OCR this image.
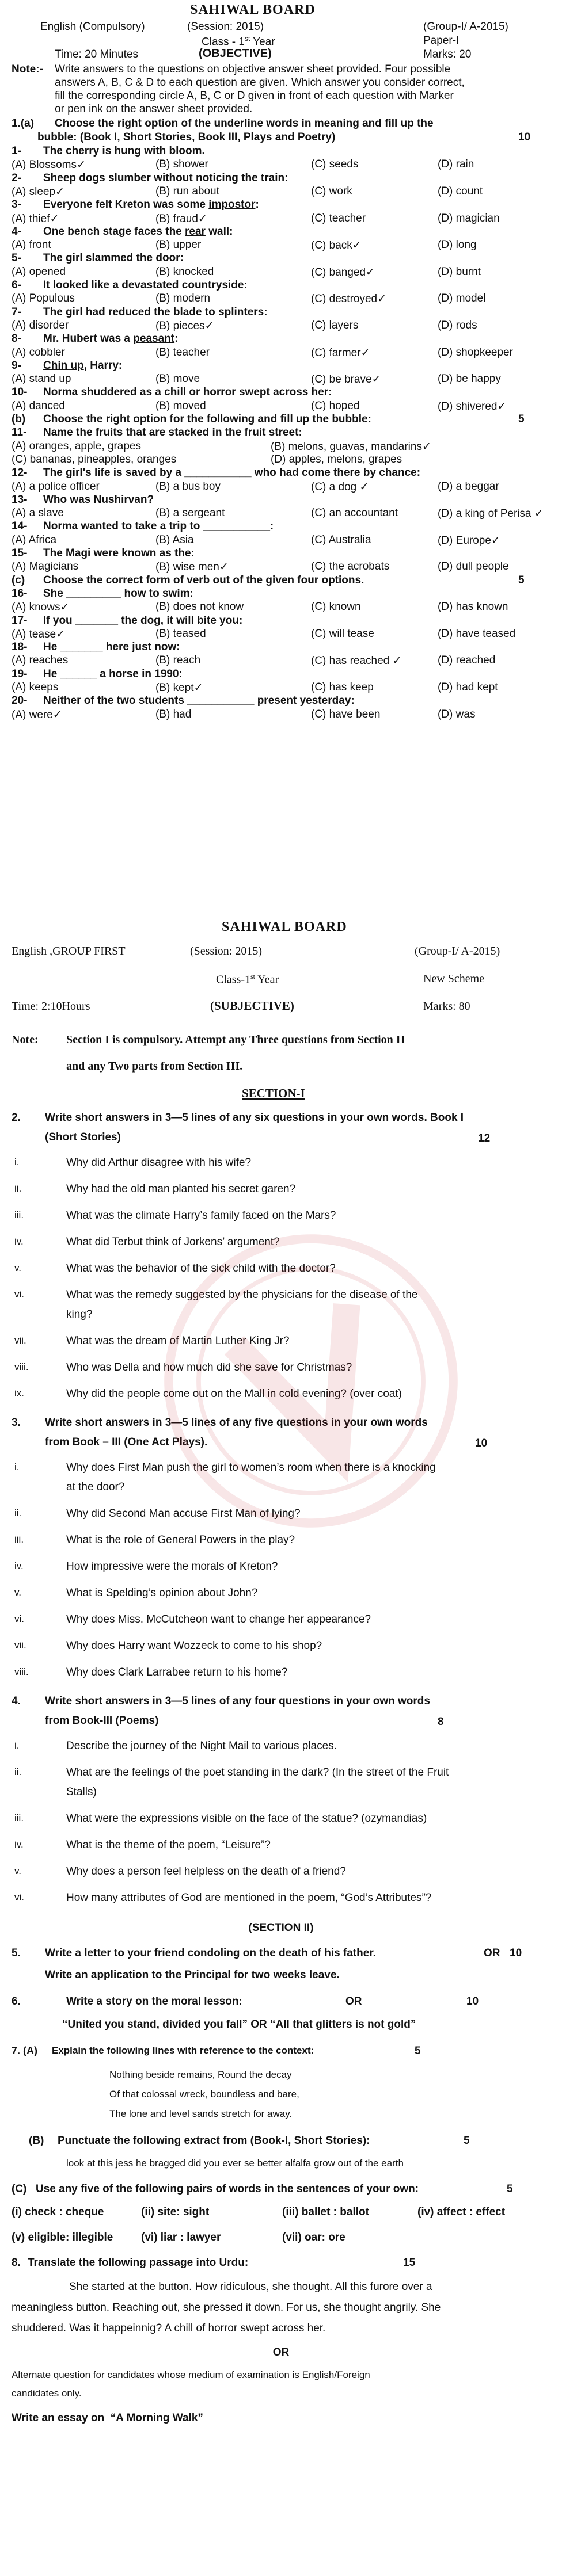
SAHIWAL BOARD
English (Compulsory)	(Session: 2015)	(Group-I/ A-2015)
Class - 1st Year	Paper-I
Time: 20 Minutes	(OBJECTIVE)	Marks: 20
Note:- Write answers to the questions on objective answer sheet provided. Four possible
answers A, B, C & D to each question are given. Which answer you consider correct,
fill the corresponding circle A, B, C or D given in front of each question with Marker
or pen ink on the answer sheet provided.
1.(a) Choose the right option of the underline words in meaning and fill up the
bubble: (Book I, Short Stories, Book III, Plays and Poetry)	10
1- The cherry is hung with bloom.
(A) Blossoms✓	(B) shower	(C) seeds	(D) rain
2- Sheep dogs slumber without noticing the train:
(A) sleep✓	(B) run about	(C) work	(D) count
3- Everyone felt Kreton was some impostor:
(A) thief✓	(B) fraud✓	(C) teacher	(D) magician
4- One bench stage faces the rear wall:
(A) front	(B) upper	(C) back✓	(D) long
5- The girl slammed the door:
(A) opened	(B) knocked	(C) banged✓	(D) burnt
6- It looked like a devastated countryside:
(A) Populous	(B) modern	(C) destroyed✓	(D) model
7- The girl had reduced the blade to splinters:
(A) disorder	(B) pieces✓	(C) layers	(D) rods
8- Mr. Hubert was a peasant:
(A) cobbler	(B) teacher	(C) farmer✓	(D) shopkeeper
9- Chin up, Harry:
(A) stand up	(B) move	(C) be brave✓	(D) be happy
10- Norma shuddered as a chill or horror swept across her:
(A) danced	(B) moved	(C) hoped	(D) shivered✓
(b) Choose the right option for the following and fill up the bubble:	5
11- Name the fruits that are stacked in the fruit street:
(A) oranges, apple, grapes	(B) melons, guavas, mandarins✓
(C) bananas, pineapples, oranges	(D) apples, melons, grapes
12- The girl's life is saved by a ___________ who had come there by chance:
(A) a police officer	(B) a bus boy	(C) a dog ✓	(D) a beggar
13- Who was Nushirvan?
(A) a slave	(B) a sergeant	(C) an accountant	(D) a king of Perisa ✓
14- Norma wanted to take a trip to ___________:
(A) Africa	(B) Asia	(C) Australia	(D) Europe✓
15- The Magi were known as the:
(A) Magicians	(B) wise men✓	(C) the acrobats	(D) dull people
(c) Choose the correct form of verb out of the given four options.	5
16- She _________ how to swim:
(A) knows✓	(B) does not know	(C) known	(D) has known
17- If you _______ the dog, it will bite you:
(A) tease✓	(B) teased	(C) will tease	(D) have teased
18- He _______ here just now:
(A) reaches	(B) reach	(C) has reached ✓	(D) reached
19- He ______ a horse in 1990:
(A) keeps	(B) kept✓	(C) has keep	(D) had kept
20- Neither of the two students ___________ present yesterday:
(A) were✓	(B) had	(C) have been	(D) was
SAHIWAL BOARD
English ,GROUP FIRST	(Session: 2015)	(Group-I/ A-2015)
Class-1st Year	New Scheme
Time: 2:10Hours	(SUBJECTIVE)	Marks: 80
Note: Section I is compulsory. Attempt any Three questions from Section II
and any Two parts from Section III.
SECTION-I
2. Write short answers in 3—5 lines of any six questions in your own words. Book I
(Short Stories)	12
i.	Why did Arthur disagree with his wife?
ii.	Why had the old man planted his secret garen?
iii.	What was the climate Harry’s family faced on the Mars?
iv.	What did Terbut think of Jorkens’ argument?
v.	What was the behavior of the sick child with the doctor?
vi.	What was the remedy suggested by the physicians for the disease of the
king?
vii.	What was the dream of Martin Luther King Jr?
viii.	Who was Della and how much did she save for Christmas?
ix.	Why did the people come out on the Mall in cold evening? (over coat)
3. Write short answers in 3—5 lines of any five questions in your own words
from Book – III (One Act Plays).	10
i.	Why does First Man push the girl to women’s room when there is a knocking
at the door?
ii.	Why did Second Man accuse First Man of lying?
iii.	What is the role of General Powers in the play?
iv.	How impressive were the morals of Kreton?
v.	What is Spelding’s opinion about John?
vi.	Why does Miss. McCutcheon want to change her appearance?
vii.	Why does Harry want Wozzeck to come to his shop?
viii.	Why does Clark Larrabee return to his home?
4. Write short answers in 3—5 lines of any four questions in your own words
from Book-III (Poems)	8
i.	Describe the journey of the Night Mail to various places.
ii.	What are the feelings of the poet standing in the dark? (In the street of the Fruit
Stalls)
iii.	What were the expressions visible on the face of the statue? (ozymandias)
iv.	What is the theme of the poem, “Leisure”?
v.	Why does a person feel helpless on the death of a friend?
vi.	How many attributes of God are mentioned in the poem, “God’s Attributes”?
(SECTION II)
5. Write a letter to your friend condoling on the death of his father.	OR 10
Write an application to the Principal for two weeks leave.
6.	Write a story on the moral lesson:	OR	10
“United you stand, divided you fall” OR “All that glitters is not gold”
7. (A) Explain the following lines with reference to the context:	5
Nothing beside remains, Round the decay
Of that colossal wreck, boundless and bare,
The lone and level sands stretch for away.
(B) Punctuate the following extract from (Book-I, Short Stories):	5
look at this jess he bragged did you ever se better alfalfa grow out of the earth
(C) Use any five of the following pairs of words in the sentences of your own:	5
(i) check : cheque	(ii) site: sight	(iii) ballet : ballot	(iv) affect : effect
(v) eligible: illegible	(vi) liar : lawyer	(vii) oar: ore
8. Translate the following passage into Urdu:	15
She started at the button. How ridiculous, she thought. All this furore over a
meaningless button. Reaching out, she pressed it down. For us, she thought angrily. She
shuddered. Was it happeinnig? A chill of horror swept across her.
OR
Alternate question for candidates whose medium of examination is English/Foreign
candidates only.
Write an essay on “A Morning Walk”
